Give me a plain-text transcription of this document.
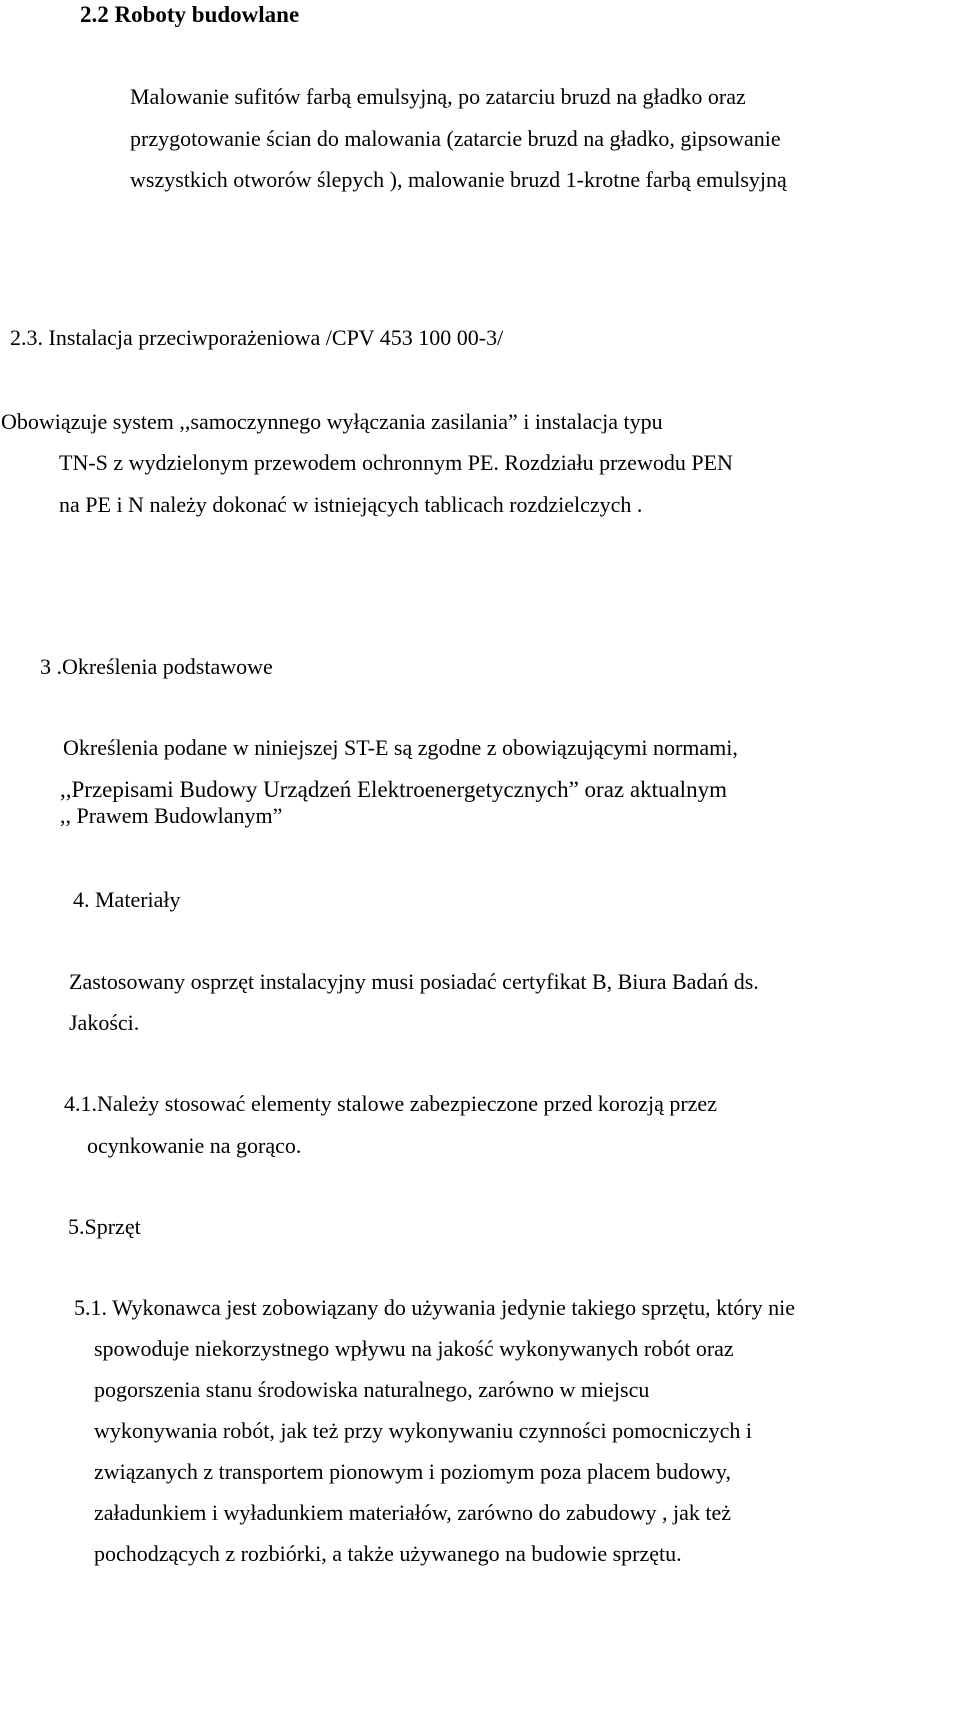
2.2 Roboty budowlane
Malowanie sufitów farbą emulsyjną, po zatarciu bruzd na gładko oraz
przygotowanie ścian do malowania (zatarcie bruzd na gładko, gipsowanie
wszystkich otworów ślepych ), malowanie bruzd 1-krotne farbą emulsyjną
2.3. Instalacja przeciwporażeniowa /CPV 453 100 00-3/
Obowiązuje system ,,samoczynnego wyłączania zasilania” i instalacja typu
TN-S z wydzielonym przewodem ochronnym PE. Rozdziału przewodu PEN
na PE i N należy dokonać w istniejących tablicach rozdzielczych .
3 .Określenia podstawowe
Określenia podane w niniejszej ST-E są zgodne z obowiązującymi normami,
,,Przepisami Budowy Urządzeń Elektroenergetycznych” oraz aktualnym
,, Prawem Budowlanym”
4. Materiały
Zastosowany osprzęt instalacyjny musi posiadać certyfikat B, Biura Badań ds.
Jakości.
4.1.Należy stosować elementy stalowe zabezpieczone przed korozją przez
ocynkowanie na gorąco.
5.Sprzęt
5.1. Wykonawca jest zobowiązany do używania jedynie takiego sprzętu, który nie
spowoduje niekorzystnego wpływu na jakość wykonywanych robót oraz
pogorszenia stanu środowiska naturalnego, zarówno w miejscu
wykonywania robót, jak też przy wykonywaniu czynności pomocniczych i
związanych z transportem pionowym i poziomym poza placem budowy,
załadunkiem i wyładunkiem materiałów, zarówno do zabudowy , jak też
pochodzących z rozbiórki, a także używanego na budowie sprzętu.
